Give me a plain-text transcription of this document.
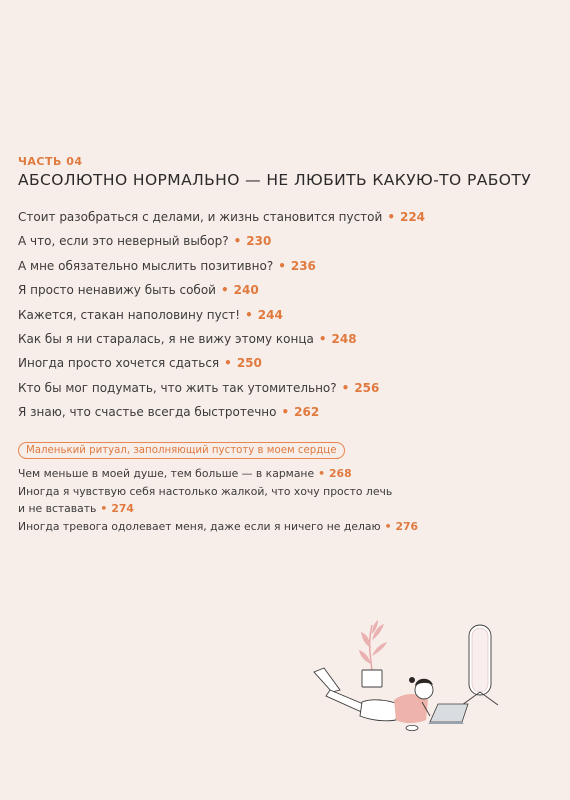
ЧАСТЬ 04
АБСОЛЮТНО НОРМАЛЬНО — НЕ ЛЮБИТЬ КАКУЮ-ТО РАБОТУ
Стоит разобраться с делами, и жизнь становится пустой • 224
А что, если это неверный выбор? • 230
А мне обязательно мыслить позитивно? • 236
Я просто ненавижу быть собой • 240
Кажется, стакан наполовину пуст! • 244
Как бы я ни старалась, я не вижу этому конца • 248
Иногда просто хочется сдаться • 250
Кто бы мог подумать, что жить так утомительно? • 256
Я знаю, что счастье всегда быстротечно • 262
Маленький ритуал, заполняющий пустоту в моем сердце
Чем меньше в моей душе, тем больше — в кармане • 268
Иногда я чувствую себя настолько жалкой, что хочу просто лечь
и не вставать • 274
Иногда тревога одолевает меня, даже если я ничего не делаю • 276
